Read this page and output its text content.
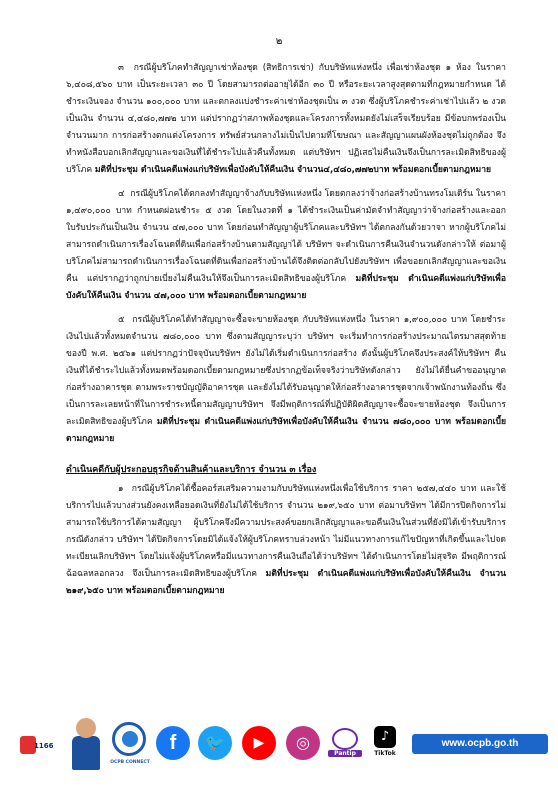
๒

๓ กรณีผู้บริโภคทำสัญญาเช่าห้องชุด (สิทธิการเช่า) กับบริษัทแห่งหนึ่ง เพื่อเช่าห้องชุด ๑ ห้อง ในราคา ๖,๔๐๘,๕๖๐ บาท เป็นระยะเวลา ๓๐ ปี โดยสามารถต่ออายุได้อีก ๓๐ ปี หรือระยะเวลาสูงสุดตามที่กฎหมายกำหนด ได้ชำระเงินจอง จำนวน ๑๐๐,๐๐๐ บาท และตกลงแบ่งชำระค่าเช่าห้องชุดเป็น ๓ งวด ซึ่งผู้บริโภคชำระค่าเช่าไปแล้ว ๒ งวด เป็นเงิน จำนวน ๔,๔๘๐,๗๗๒ บาท แต่ปรากฏว่าสภาพห้องชุดและโครงการทั้งหมดยังไม่เสร็จเรียบร้อย มีข้อบกพร่องเป็นจำนวนมาก การก่อสร้างตกแต่งโครงการ ทรัพย์ส่วนกลางไม่เป็นไปตามที่โฆษณา และสัญญาแผนผังห้องชุดไม่ถูกต้อง จึงทำหนังสือบอกเลิกสัญญาและขอเงินที่ได้ชำระไปแล้วคืนทั้งหมด แต่บริษัทฯ ปฏิเสธไม่คืนเงินจึงเป็นการละเมิดสิทธิของผู้บริโภค มติที่ประชุม ดำเนินคดีแพ่งแก่บริษัทเพื่อบังคับให้คืนเงิน จำนวน๔,๔๘๐,๗๗๒บาท พร้อมดอกเบี้ยตามกฎหมาย

๔ กรณีผู้บริโภคได้ตกลงทำสัญญาจ้างกับบริษัทแห่งหนึ่ง โดยตกลงว่าจ้างก่อสร้างบ้านทรงโมเดิร์น ในราคา ๑,๔๙๐,๐๐๐ บาท กำหนดผ่อนชำระ ๕ งวด โดยในงวดที่ ๑ ได้ชำระเงินเป็นค่ามัดจำทำสัญญาว่าจ้างก่อสร้างและออกใบรับประกันเป็นเงิน จำนวน ๔๗,๐๐๐ บาท โดยก่อนทำสัญญาผู้บริโภคและบริษัทฯ ได้ตกลงกันด้วยวาจา หากผู้บริโภคไม่สามารถดำเนินการเรื่องโฉนดที่ดินเพื่อก่อสร้างบ้านตามสัญญาได้ บริษัทฯ จะดำเนินการคืนเงินจำนวนดังกล่าวให้ ต่อมาผู้บริโภคไม่สามารถดำเนินการเรื่องโฉนดที่ดินเพื่อก่อสร้างบ้านได้จึงติดต่อกลับไปยังบริษัทฯ เพื่อขอยกเลิกสัญญาและขอเงินคืน แต่ปรากฏว่าถูกบ่ายเบี่ยงไม่คืนเงินให้จึงเป็นการละเมิดสิทธิของผู้บริโภค มติที่ประชุม ดำเนินคดีแพ่งแก่บริษัทเพื่อบังคับให้คืนเงิน จำนวน ๔๗,๐๐๐ บาท พร้อมดอกเบี้ยตามกฎหมาย

๕ กรณีผู้บริโภคได้ทำสัญญาจะซื้อจะขายห้องชุด กับบริษัทแห่งหนึ่ง ในราคา ๑,๙๐๐,๐๐๐ บาท โดยชำระเงินไปแล้วทั้งหมดจำนวน ๗๘๐,๐๐๐ บาท ซึ่งตามสัญญาระบุว่า บริษัทฯ จะเริ่มทำการก่อสร้างประมาณไตรมาสสุดท้ายของปี พ.ศ. ๒๕๖๑ แต่ปรากฏว่าปัจจุบันบริษัทฯ ยังไม่ได้เริ่มดำเนินการก่อสร้าง ดังนั้นผู้บริโภคจึงประสงค์ให้บริษัทฯ คืนเงินที่ได้ชำระไปแล้วทั้งหมดพร้อมดอกเบี้ยตามกฎหมายซึ่งปรากฏข้อเท็จจริงว่าบริษัทดังกล่าว ยังไม่ได้ยื่นคำขออนุญาตก่อสร้างอาคารชุด ตามพระราชบัญญัติอาคารชุด และยังไม่ได้รับอนุญาตให้ก่อสร้างอาคารชุดจากเจ้าพนักงานท้องถิ่น ซึ่งเป็นการละเลยหน้าที่ในการชำระหนี้ตามสัญญาบริษัทฯ จึงมีพฤติการณ์ที่ปฏิบัติผิดสัญญาจะซื้อจะขายห้องชุด จึงเป็นการละเมิดสิทธิของผู้บริโภค มติที่ประชุม ดำเนินคดีแพ่งแก่บริษัทเพื่อบังคับให้คืนเงิน จำนวน ๗๘๐,๐๐๐ บาท พร้อมดอกเบี้ยตามกฎหมาย

ดำเนินคดีกับผู้ประกอบธุรกิจด้านสินค้าและบริการ จำนวน ๓ เรื่อง

๑ กรณีผู้บริโภคได้ซื้อคอร์สเสริมความงามกับบริษัทแห่งหนึ่งเพื่อใช้บริการ ราคา ๒๕๗,๔๔๐ บาท และใช้บริการไปแล้วบางส่วนยังคงเหลือยอดเงินที่ยังไม่ได้ใช้บริการ จำนวน ๒๑๙,๖๕๐ บาท ต่อมาบริษัทฯ ได้มีการปิดกิจการไม่สามารถใช้บริการได้ตามสัญญา ผู้บริโภคจึงมีความประสงค์ขอยกเลิกสัญญาและขอคืนเงินในส่วนที่ยังมิได้เข้ารับบริการกรณีดังกล่าว บริษัทฯ ได้ปิดกิจการโดยมิได้แจ้งให้ผู้บริโภคทราบล่วงหน้า ไม่มีแนวทางการแก้ไขปัญหาที่เกิดขึ้นและไปจดทะเบียนเลิกบริษัทฯ โดยไม่แจ้งผู้บริโภคหรือมีแนวทางการคืนเงินถือได้ว่าบริษัทฯ ได้ดำเนินการโดยไม่สุจริต มีพฤติการณ์ฉ้อฉลหลอกลวง จึงเป็นการละเมิดสิทธิของผู้บริโภค มติที่ประชุม ดำเนินคดีแพ่งแก่บริษัทเพื่อบังคับให้คืนเงิน จำนวน ๒๑๙,๖๕๐ บาท พร้อมดอกเบี้ยตามกฎหมาย

1166
OCPB CONNECT
f	🐦	▶	◎
Pantip
♪
TikTok
www.ocpb.go.th
